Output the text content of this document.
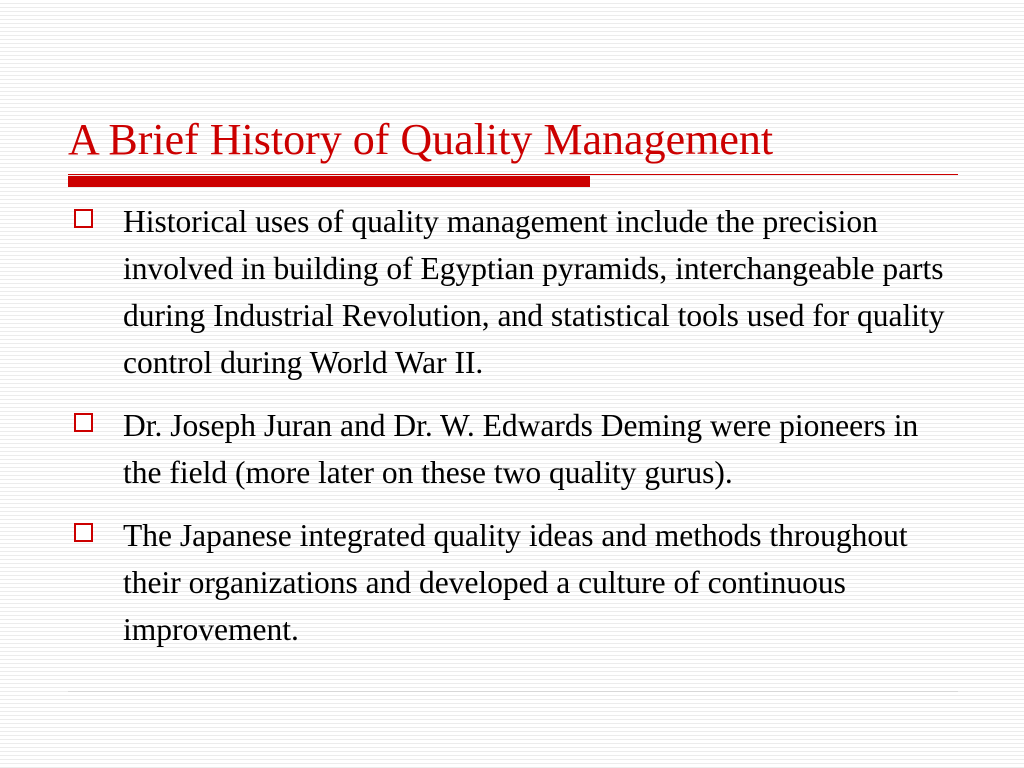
A Brief History of Quality Management
Historical uses of quality management include the precision involved in building of Egyptian pyramids, interchangeable parts during Industrial Revolution, and statistical tools used for quality control during World War II.
Dr. Joseph Juran and Dr. W. Edwards Deming were pioneers in the field (more later on these two quality gurus).
The Japanese integrated quality ideas and methods throughout their organizations and developed a culture of continuous improvement.
